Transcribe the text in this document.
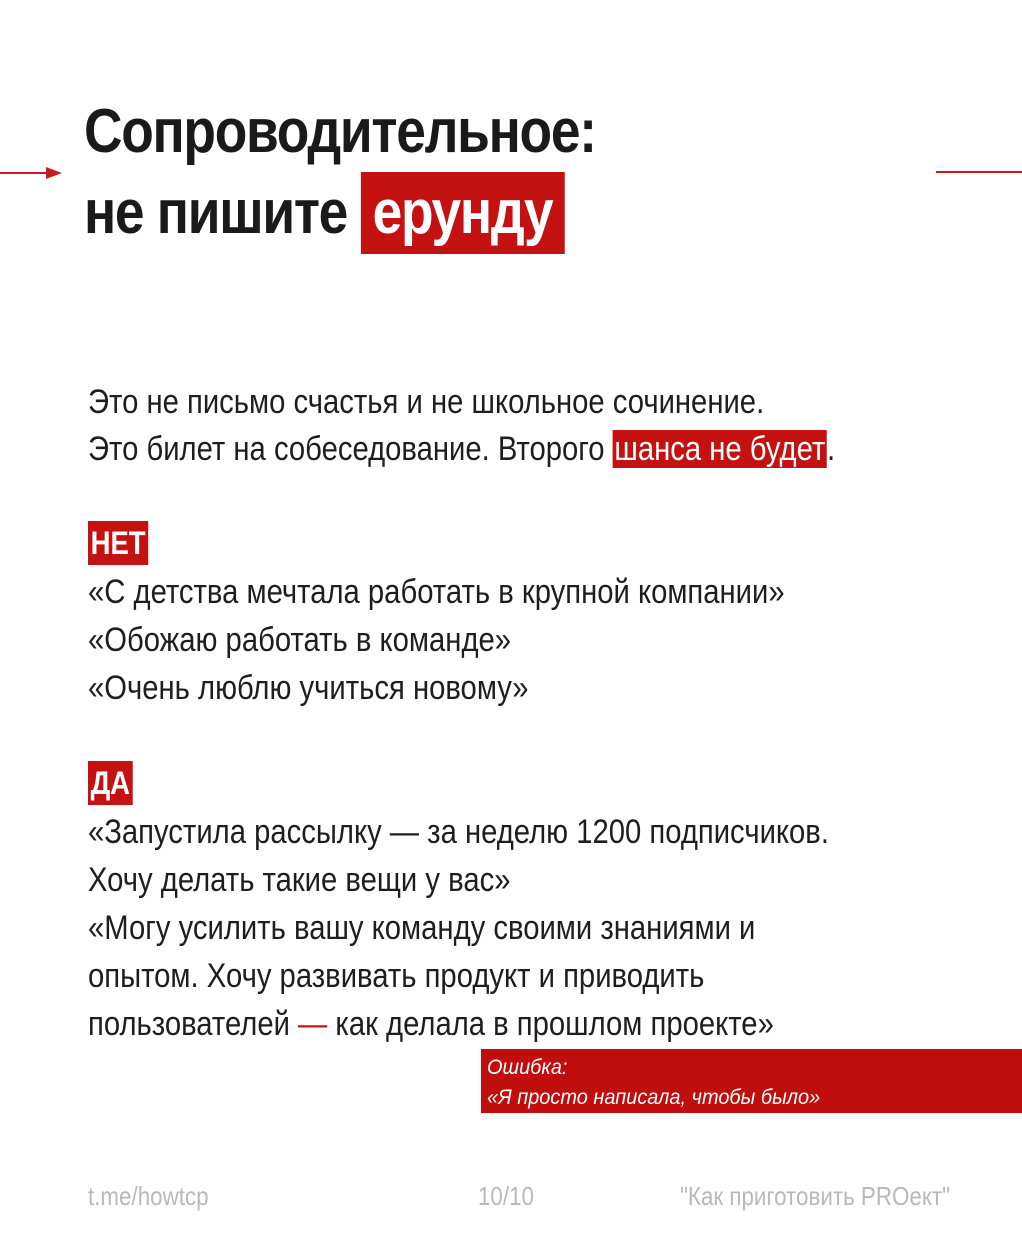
Сопроводительное:
не пишите ерунду
Это не письмо счастья и не школьное сочинение.
Это билет на собеседование. Второго шанса не будет.
НЕТ
«С детства мечтала работать в крупной компании»
«Обожаю работать в команде»
«Очень люблю учиться новому»
ДА
«Запустила рассылку — за неделю 1200 подписчиков.
Хочу делать такие вещи у вас»
«Могу усилить вашу команду своими знаниями и
опытом. Хочу развивать продукт и приводить
пользователей — как делала в прошлом проекте»
Ошибка:
«Я просто написала, чтобы было»
t.me/howtcp	10/10	"Как приготовить PROект"
